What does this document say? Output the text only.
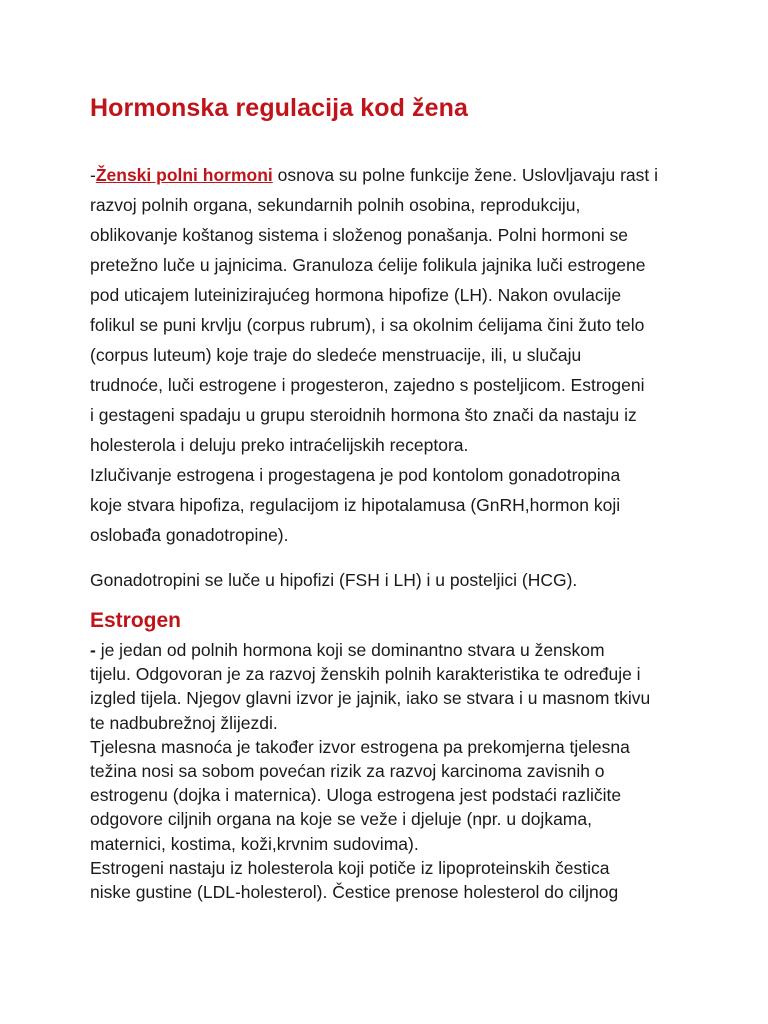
Hormonska regulacija kod žena
-Ženski polni hormoni osnova su polne funkcije žene. Uslovljavaju rast i
razvoj polnih organa, sekundarnih polnih osobina, reprodukciju,
oblikovanje koštanog sistema i složenog ponašanja. Polni hormoni se
pretežno luče u jajnicima. Granuloza ćelije folikula jajnika luči estrogene
pod uticajem luteinizirajućeg hormona hipofize (LH). Nakon ovulacije
folikul se puni krvlju (corpus rubrum), i sa okolnim ćelijama čini žuto telo
(corpus luteum) koje traje do sledeće menstruacije, ili, u slučaju
trudnoće, luči estrogene i progesteron, zajedno s posteljicom. Estrogeni
i gestageni spadaju u grupu steroidnih hormona što znači da nastaju iz
holesterola i deluju preko intraćelijskih receptora.
Izlučivanje estrogena i progestagena je pod kontolom gonadotropina
koje stvara hipofiza, regulacijom iz hipotalamusa (GnRH,hormon koji
oslobađa gonadotropine).

Gonadotropini se luče u hipofizi (FSH i LH) i u posteljici (HCG).

Estrogen
- je jedan od polnih hormona koji se dominantno stvara u ženskom
tijelu. Odgovoran je za razvoj ženskih polnih karakteristika te određuje i
izgled tijela. Njegov glavni izvor je jajnik, iako se stvara i u masnom tkivu
te nadbubrežnoj žlijezdi.
Tjelesna masnoća je također izvor estrogena pa prekomjerna tjelesna
težina nosi sa sobom povećan rizik za razvoj karcinoma zavisnih o
estrogenu (dojka i maternica). Uloga estrogena jest podstaći različite
odgovore ciljnih organa na koje se veže i djeluje (npr. u dojkama,
maternici, kostima, koži,krvnim sudovima).
Estrogeni nastaju iz holesterola koji potiče iz lipoproteinskih čestica
niske gustine (LDL-holesterol). Čestice prenose holesterol do ciljnog
